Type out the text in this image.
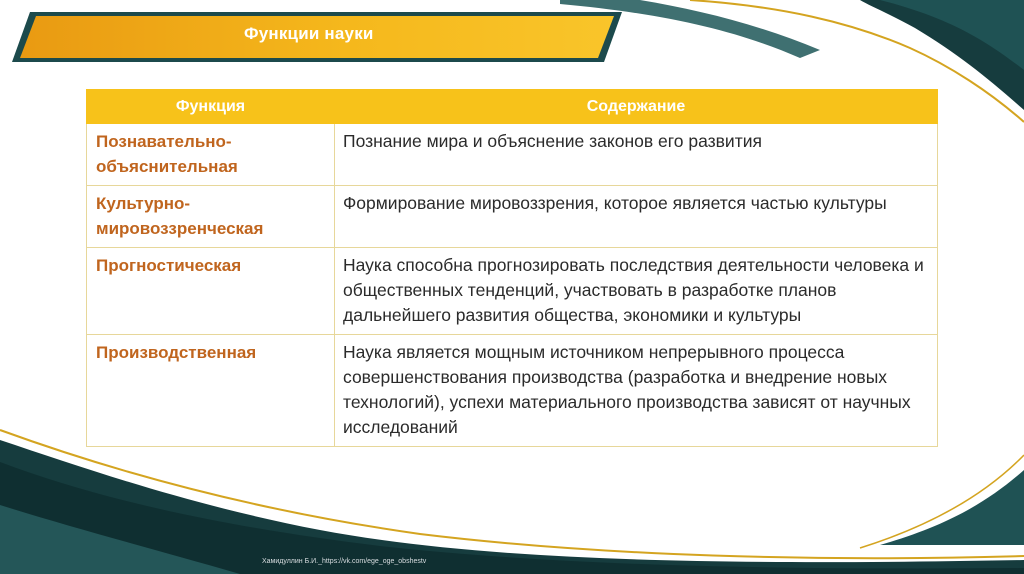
Функции науки
Функция	Содержание
Познавательно-объяснительная	Познание мира и объяснение законов его развития
Культурно-мировоззренческая	Формирование мировоззрения, которое является частью культуры
Прогностическая	Наука способна прогнозировать последствия деятельности человека и общественных тенденций, участвовать в разработке планов дальнейшего развития общества, экономики и культуры
Производственная	Наука является мощным источником непрерывного процесса совершенствования производства (разработка и внедрение новых технологий), успехи материального производства зависят от научных исследований
Хамидуллин Б.И._https://vk.com/ege_oge_obshestv
